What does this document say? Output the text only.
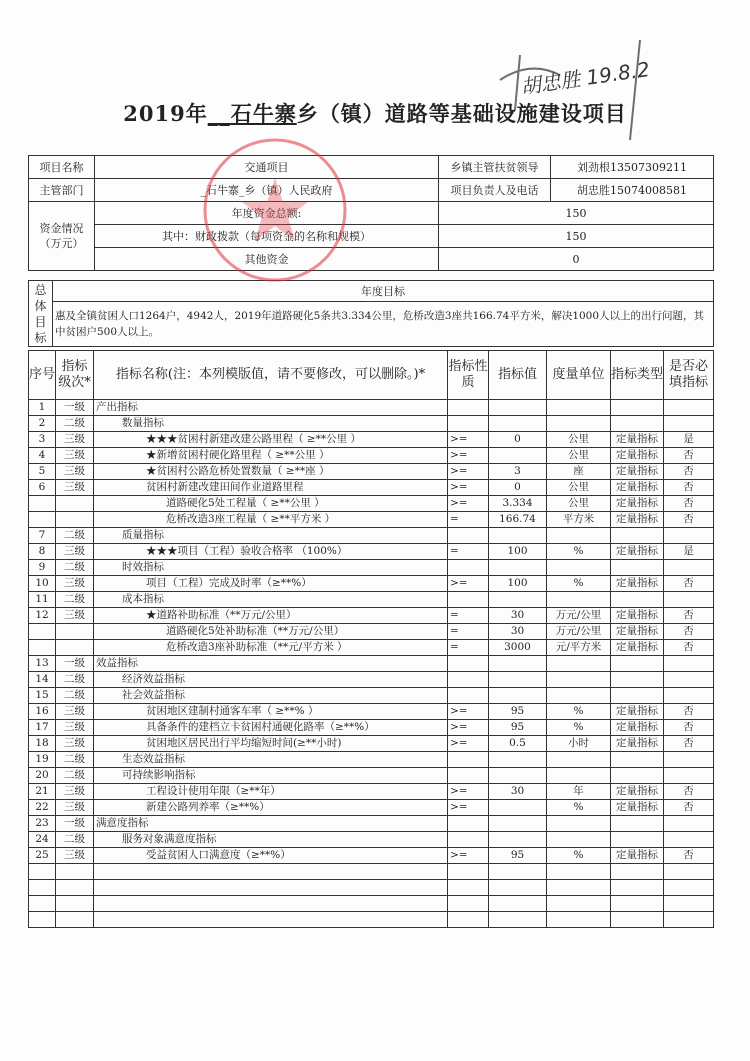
2019年__石牛寨乡（镇）道路等基础设施建设项目
项目名称	交通项目	乡镇主管扶贫领导	刘劲根13507309211
主管部门	_石牛寨_乡（镇）人民政府	项目负责人及电话	胡忠胜15074008581
资金情况（万元）	年度资金总额:	150	
	其中：财政拨款（每项资金的名称和规模）	150	
	其他资金	0	
总体目标	年度目标
惠及全镇贫困人口1264户，4942人，2019年道路硬化5条共3.334公里，危桥改造3座共166.74平方米，解决1000人以上的出行问题，其中贫困户500人以上。
序号	指标级次*	指标名称(注：本列模版值，请不要修改，可以删除。)*	指标性质	指标值	度量单位	指标类型	是否必填指标
1	一级	产出指标					
2	二级	数量指标					
3	三级	★★★贫困村新建改建公路里程（ ≥**公里 ）	>=	0	公里	定量指标	是
4	三级	★新增贫困村硬化路里程（ ≥**公里 ）	>=		公里	定量指标	否
5	三级	★贫困村公路危桥处置数量（ ≥**座 ）	>=	3	座	定量指标	否
6	三级	贫困村新建改建田间作业道路里程	>=	0	公里	定量指标	否
		道路硬化5处工程量（ ≥**公里 ）	>=	3.334	公里	定量指标	否
		危桥改造3座工程量（ ≥**平方米 ）	=	166.74	平方米	定量指标	否
7	二级	质量指标					
8	三级	★★★项目（工程）验收合格率 （100%）	=	100	%	定量指标	是
9	二级	时效指标					
10	三级	项目（工程）完成及时率（≥**%）	>=	100	%	定量指标	否
11	二级	成本指标					
12	三级	★道路补助标准（**万元/公里）	=	30	万元/公里	定量指标	否
		道路硬化5处补助标准（**万元/公里）	=	30	万元/公里	定量指标	否
		危桥改造3座补助标准（**元/平方米 ）	=	3000	元/平方米	定量指标	否
13	一级	效益指标					
14	二级	经济效益指标					
15	二级	社会效益指标					
16	三级	贫困地区建制村通客车率（ ≥**% ）	>=	95	%	定量指标	否
17	三级	具备条件的建档立卡贫困村通硬化路率（≥**%）	>=	95	%	定量指标	否
18	三级	贫困地区居民出行平均缩短时间(≥**小时)	>=	0.5	小时	定量指标	否
19	二级	生态效益指标					
20	二级	可持续影响指标					
21	三级	工程设计使用年限（≥**年）	>=	30	年	定量指标	否
22	三级	新建公路列养率（≥**%）	>=		%	定量指标	否
23	一级	满意度指标					
24	二级	服务对象满意度指标					
25	三级	受益贫困人口满意度（≥**%）	>=	95	%	定量指标	否

胡忠胜 19.8.2
